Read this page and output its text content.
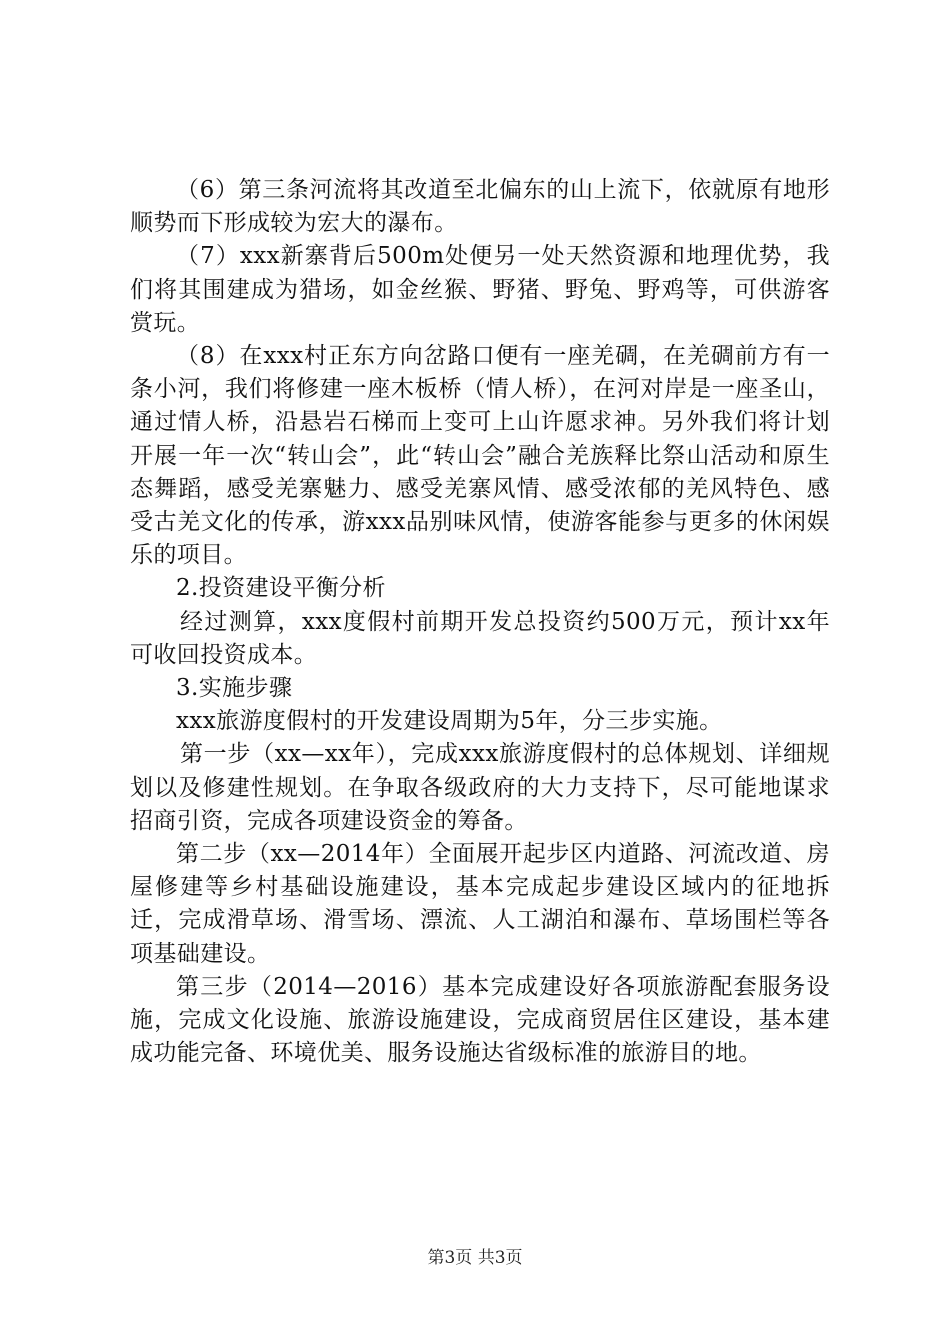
（6）第三条河流将其改道至北偏东的山上流下，依就原有地形顺势而下形成较为宏大的瀑布。

（7）xxx新寨背后500m处便另一处天然资源和地理优势，我们将其围建成为猎场，如金丝猴、野猪、野兔、野鸡等，可供游客赏玩。

（8）在xxx村正东方向岔路口便有一座羌碉，在羌碉前方有一条小河，我们将修建一座木板桥（情人桥），在河对岸是一座圣山，通过情人桥，沿悬岩石梯而上变可上山许愿求神。另外我们将计划开展一年一次“转山会”，此“转山会”融合羌族释比祭山活动和原生态舞蹈，感受羌寨魅力、感受羌寨风情、感受浓郁的羌风特色、感受古羌文化的传承，游xxx品别味风情，使游客能参与更多的休闲娱乐的项目。

2.投资建设平衡分析

经过测算，xxx度假村前期开发总投资约500万元，预计xx年可收回投资成本。

3.实施步骤

xxx旅游度假村的开发建设周期为5年，分三步实施。

第一步（xx—xx年），完成xxx旅游度假村的总体规划、详细规划以及修建性规划。在争取各级政府的大力支持下，尽可能地谋求招商引资，完成各项建设资金的筹备。

第二步（xx—2014年）全面展开起步区内道路、河流改道、房屋修建等乡村基础设施建设，基本完成起步建设区域内的征地拆迁，完成滑草场、滑雪场、漂流、人工湖泊和瀑布、草场围栏等各项基础建设。

第三步（2014—2016）基本完成建设好各项旅游配套服务设施，完成文化设施、旅游设施建设，完成商贸居住区建设，基本建成功能完备、环境优美、服务设施达省级标准的旅游目的地。

第3页 共3页
